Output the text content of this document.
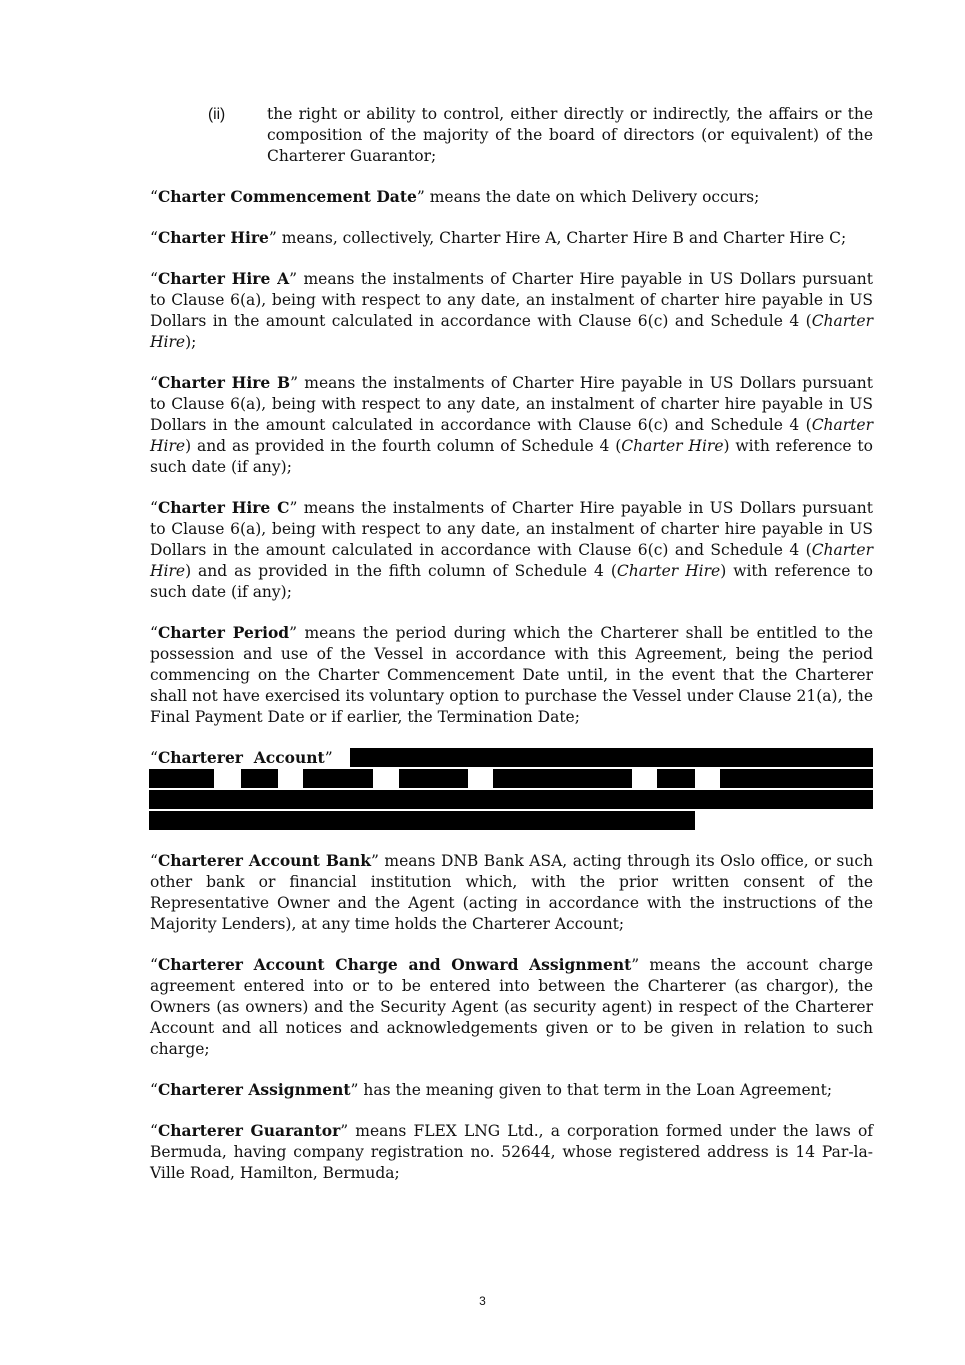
(ii)	the right or ability to control, either directly or indirectly, the affairs or the composition of the majority of the board of directors (or equivalent) of the Charterer Guarantor;

“Charter Commencement Date” means the date on which Delivery occurs;

“Charter Hire” means, collectively, Charter Hire A, Charter Hire B and Charter Hire C;

“Charter Hire A” means the instalments of Charter Hire payable in US Dollars pursuant to Clause 6(a), being with respect to any date, an instalment of charter hire payable in US Dollars in the amount calculated in accordance with Clause 6(c) and Schedule 4 (Charter Hire);

“Charter Hire B” means the instalments of Charter Hire payable in US Dollars pursuant to Clause 6(a), being with respect to any date, an instalment of charter hire payable in US Dollars in the amount calculated in accordance with Clause 6(c) and Schedule 4 (Charter Hire) and as provided in the fourth column of Schedule 4 (Charter Hire) with reference to such date (if any);

“Charter Hire C” means the instalments of Charter Hire payable in US Dollars pursuant to Clause 6(a), being with respect to any date, an instalment of charter hire payable in US Dollars in the amount calculated in accordance with Clause 6(c) and Schedule 4 (Charter Hire) and as provided in the fifth column of Schedule 4 (Charter Hire) with reference to such date (if any);

“Charter Period” means the period during which the Charterer shall be entitled to the possession and use of the Vessel in accordance with this Agreement, being the period commencing on the Charter Commencement Date until, in the event that the Charterer shall not have exercised its voluntary option to purchase the Vessel under Clause 21(a), the Final Payment Date or if earlier, the Termination Date;

“Charterer  Account”

“Charterer Account Bank” means DNB Bank ASA, acting through its Oslo office, or such other bank or financial institution which, with the prior written consent of the Representative Owner and the Agent (acting in accordance with the instructions of the Majority Lenders), at any time holds the Charterer Account;

“Charterer Account Charge and Onward Assignment” means the account charge agreement entered into or to be entered into between the Charterer (as chargor), the Owners (as owners) and the Security Agent (as security agent) in respect of the Charterer Account and all notices and acknowledgements given or to be given in relation to such charge;

“Charterer Assignment” has the meaning given to that term in the Loan Agreement;

“Charterer Guarantor” means FLEX LNG Ltd., a corporation formed under the laws of Bermuda, having company registration no. 52644, whose registered address is 14 Par-la-Ville Road, Hamilton, Bermuda;

3
